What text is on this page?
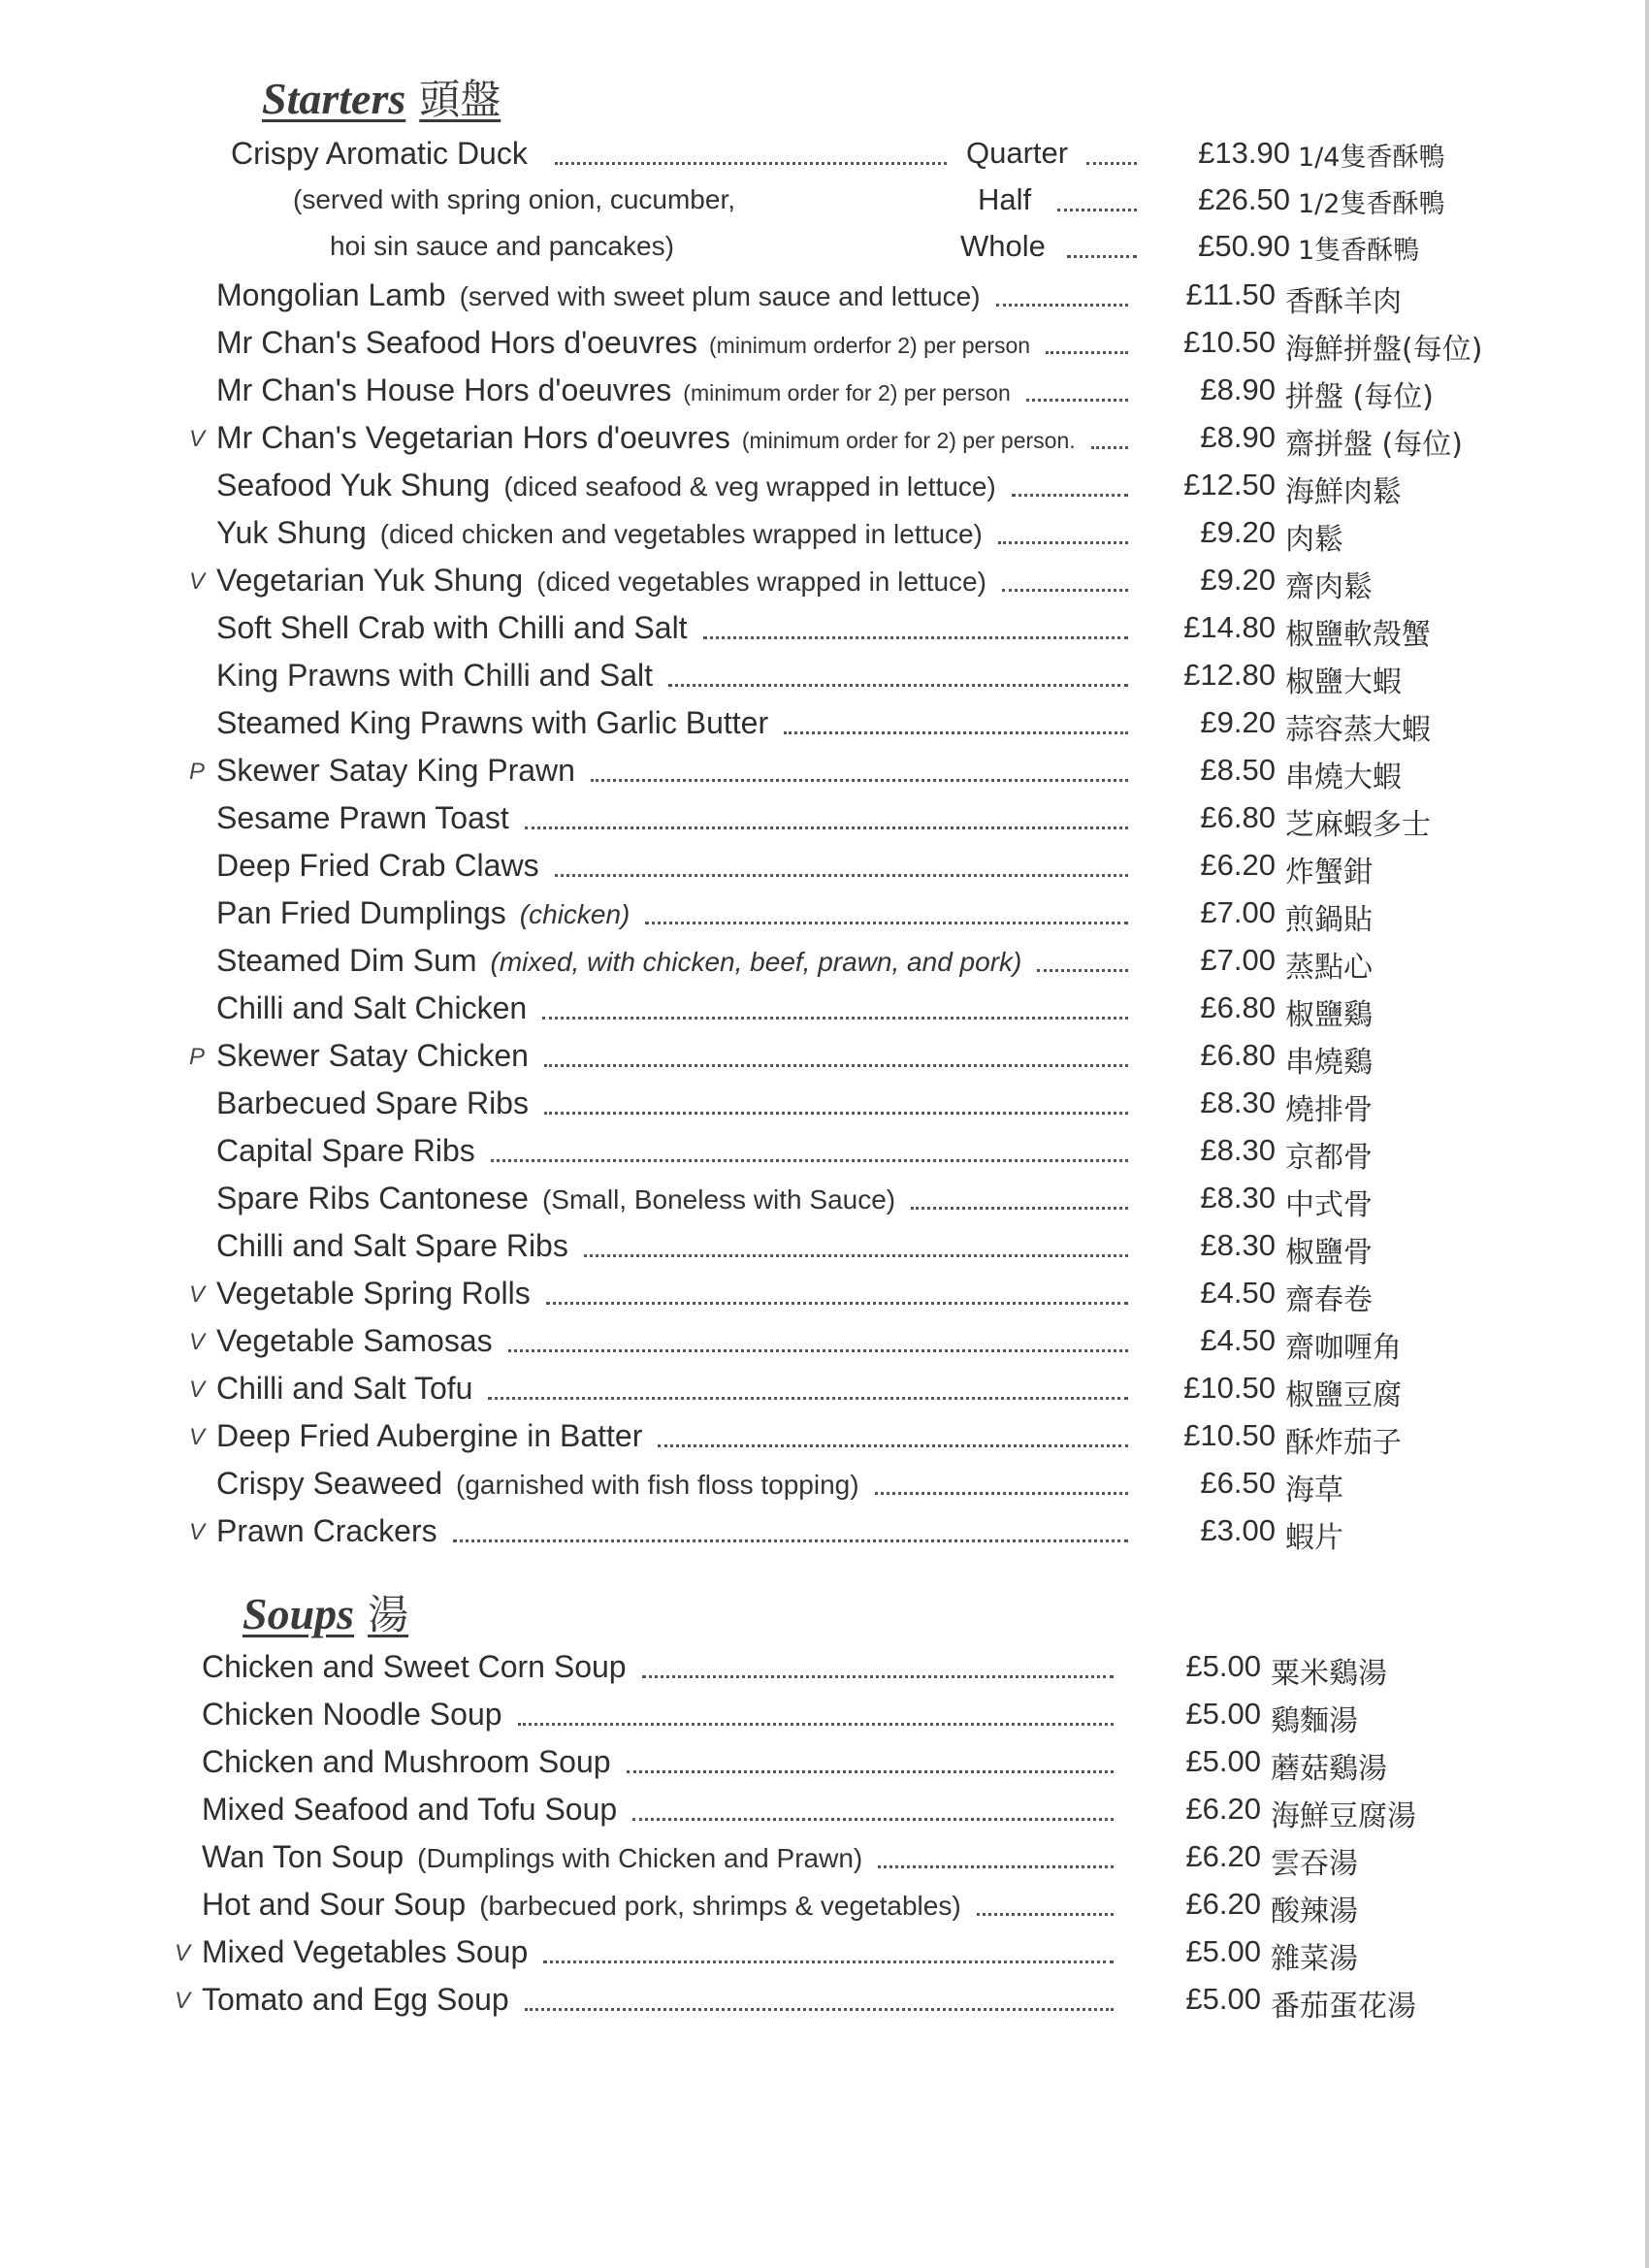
Starters 頭盤
Crispy Aromatic Duck	Quarter	£13.90 1/4隻香酥鴨
(served with spring onion, cucumber,	Half	£26.50 1/2隻香酥鴨
hoi sin sauce and pancakes)	Whole	£50.90 1隻香酥鴨
Mongolian Lamb (served with sweet plum sauce and lettuce)	£11.50 香酥羊肉
Mr Chan's Seafood Hors d'oeuvres (minimum orderfor 2) per person	£10.50 海鮮拼盤(每位)
Mr Chan's House Hors d'oeuvres (minimum order for 2) per person	£8.90 拼盤 (每位)
V Mr Chan's Vegetarian Hors d'oeuvres (minimum order for 2) per person.	£8.90 齋拼盤 (每位)
Seafood Yuk Shung (diced seafood & veg wrapped in lettuce)	£12.50 海鮮肉鬆
Yuk Shung (diced chicken and vegetables wrapped in lettuce)	£9.20 肉鬆
V Vegetarian Yuk Shung (diced vegetables wrapped in lettuce)	£9.20 齋肉鬆
Soft Shell Crab with Chilli and Salt	£14.80 椒鹽軟殼蟹
King Prawns with Chilli and Salt	£12.80 椒鹽大蝦
Steamed King Prawns with Garlic Butter	£9.20 蒜容蒸大蝦
P Skewer Satay King Prawn	£8.50 串燒大蝦
Sesame Prawn Toast	£6.80 芝麻蝦多士
Deep Fried Crab Claws	£6.20 炸蟹鉗
Pan Fried Dumplings (chicken)	£7.00 煎鍋貼
Steamed Dim Sum (mixed, with chicken, beef, prawn, and pork)	£7.00 蒸點心
Chilli and Salt Chicken	£6.80 椒鹽鷄
P Skewer Satay Chicken	£6.80 串燒鷄
Barbecued Spare Ribs	£8.30 燒排骨
Capital Spare Ribs	£8.30 京都骨
Spare Ribs Cantonese (Small, Boneless with Sauce)	£8.30 中式骨
Chilli and Salt Spare Ribs	£8.30 椒鹽骨
V Vegetable Spring Rolls	£4.50 齋春卷
V Vegetable Samosas	£4.50 齋咖喱角
V Chilli and Salt Tofu	£10.50 椒鹽豆腐
V Deep Fried Aubergine in Batter	£10.50 酥炸茄子
Crispy Seaweed (garnished with fish floss topping)	£6.50 海草
V Prawn Crackers	£3.00 蝦片
Soups 湯
Chicken and Sweet Corn Soup	£5.00 粟米鷄湯
Chicken Noodle Soup	£5.00 鷄麵湯
Chicken and Mushroom Soup	£5.00 蘑菇鷄湯
Mixed Seafood and Tofu Soup	£6.20 海鮮豆腐湯
Wan Ton Soup (Dumplings with Chicken and Prawn)	£6.20 雲吞湯
Hot and Sour Soup (barbecued pork, shrimps & vegetables)	£6.20 酸辣湯
V Mixed Vegetables Soup	£5.00 雜菜湯
V Tomato and Egg Soup	£5.00 番茄蛋花湯
